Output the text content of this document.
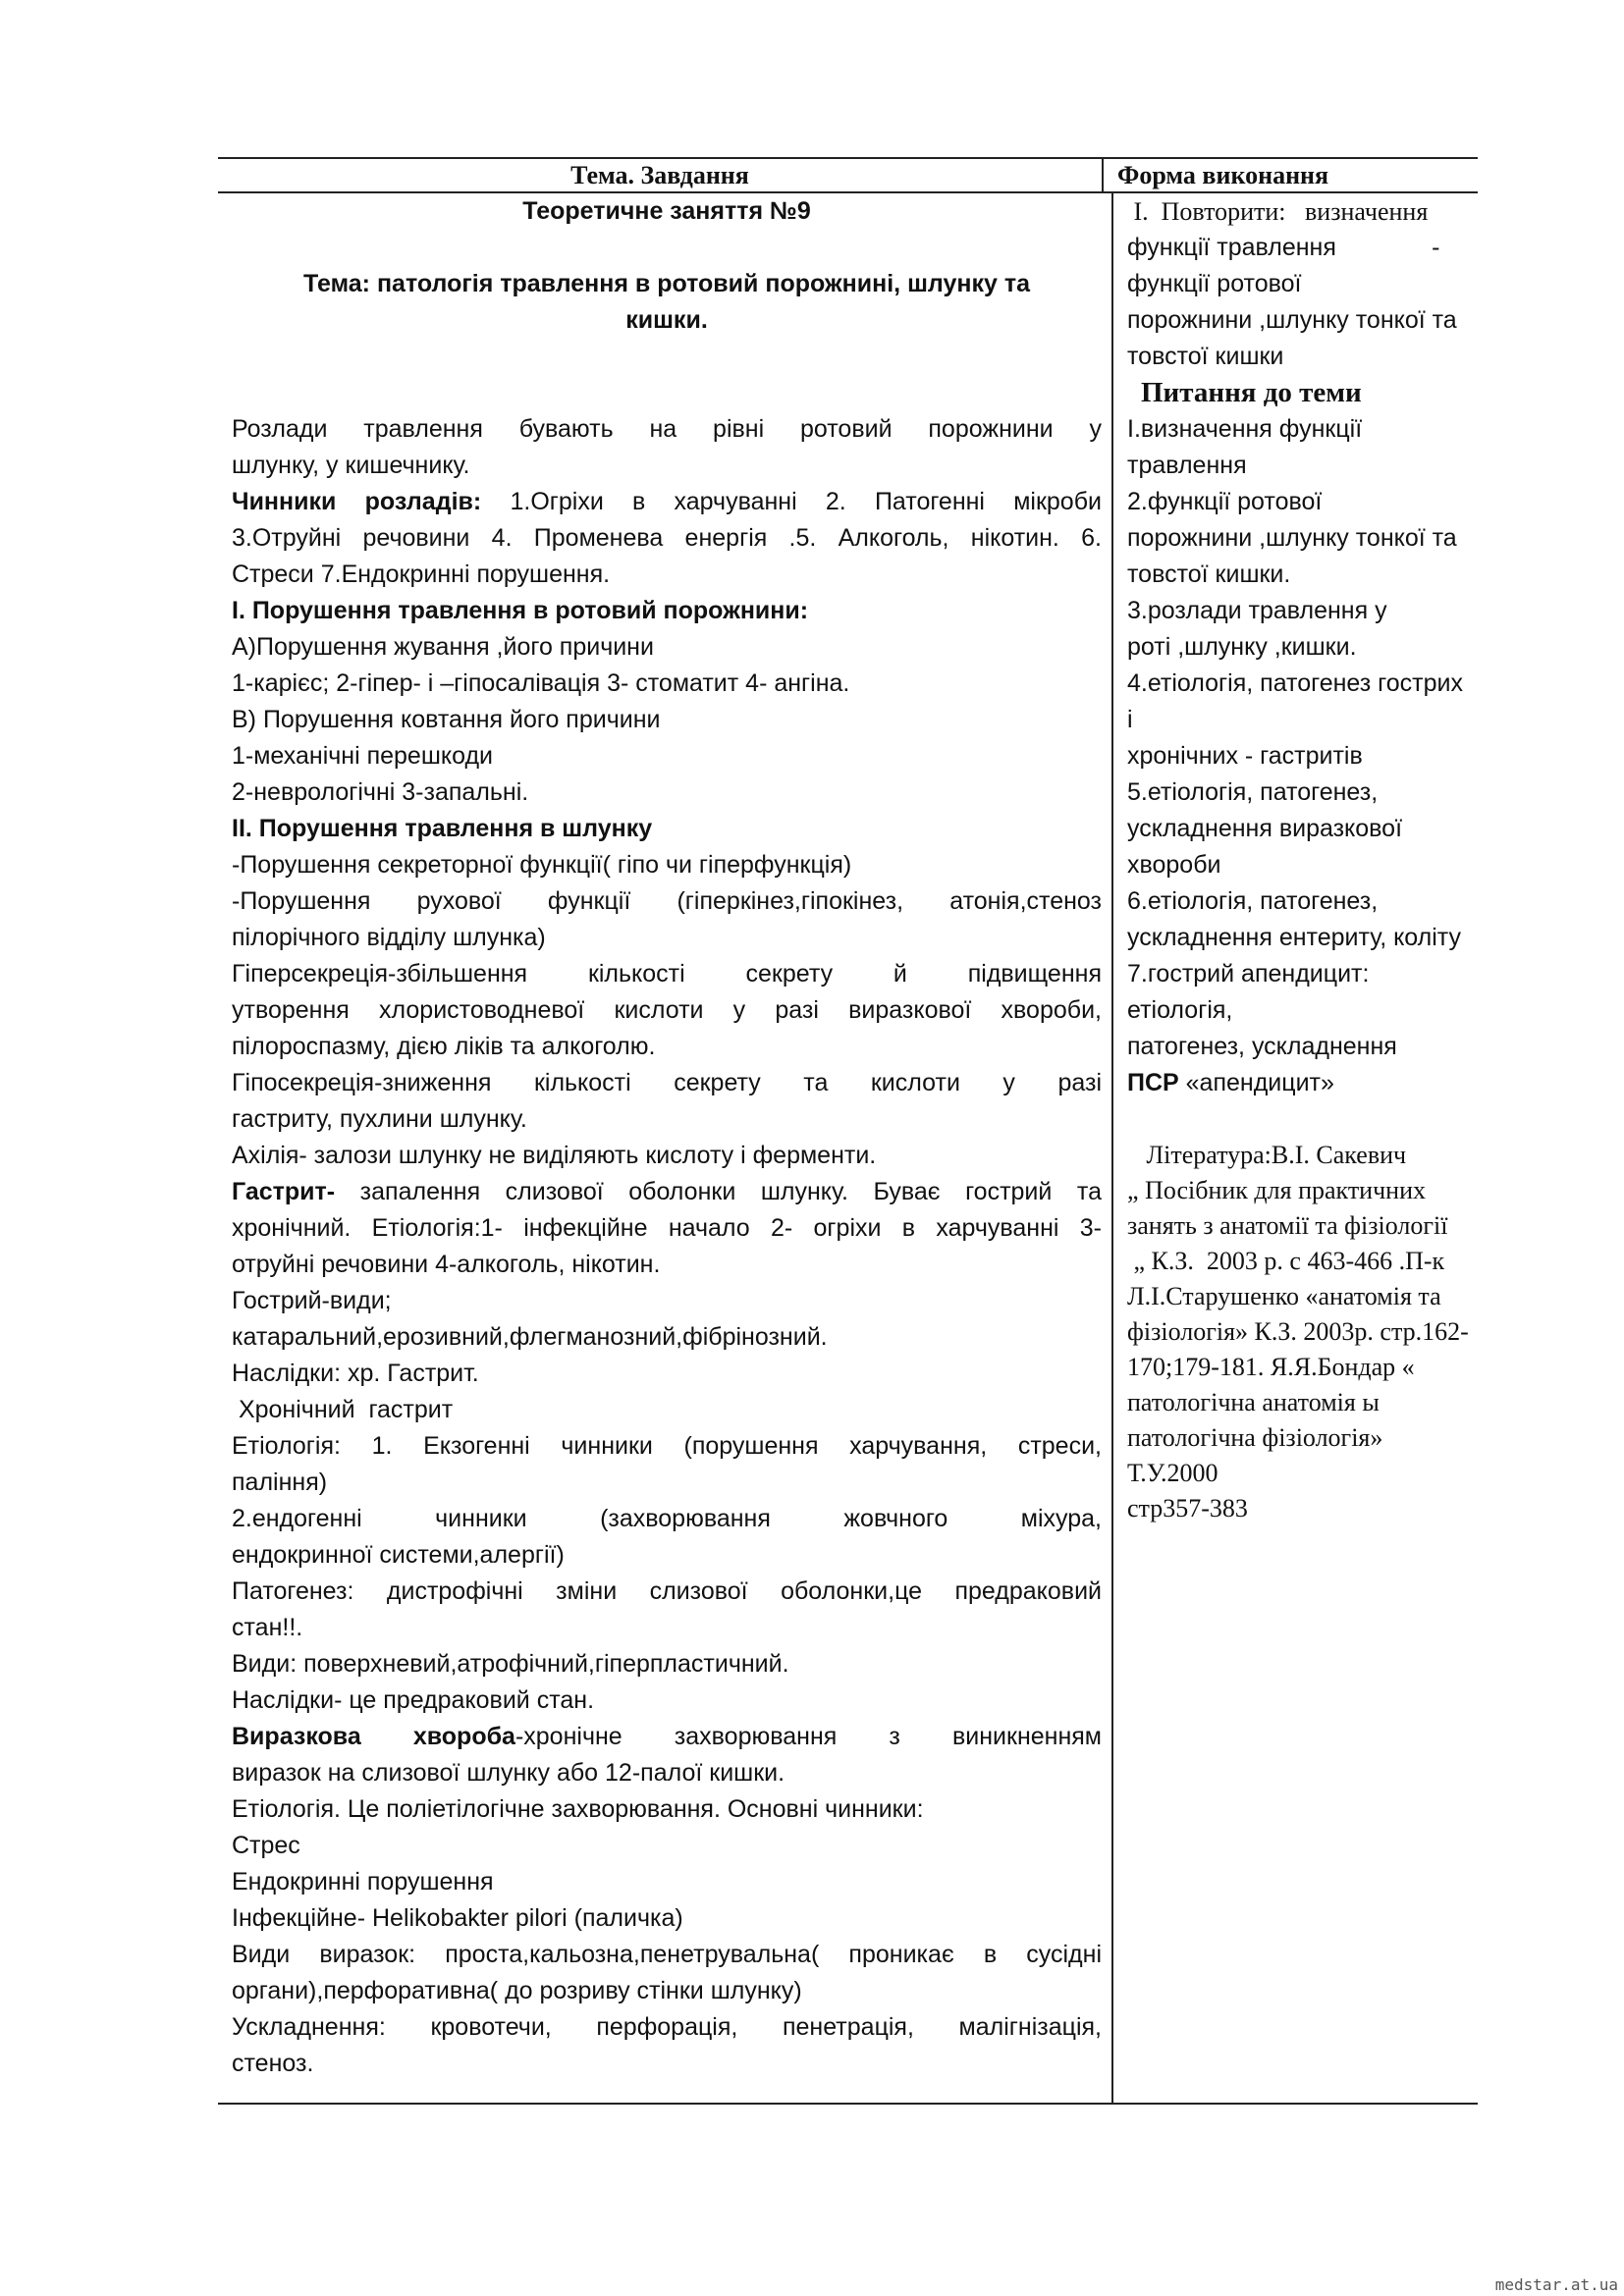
Тема. Завдання	Форма виконання

Теоретичне заняття №9

Тема: патологія травлення в ротовий порожнині, шлунку та

кишки.

Розлади травлення бувають на рівні ротовий порожнини у

шлунку, у кишечнику.

Чинники розладів: 1.Огріхи в харчуванні 2. Патогенні мікроби

3.Отруйні речовини 4. Променева енергія .5. Алкоголь, нікотин. 6.

Стреси 7.Ендокринні порушення.

I. Порушення травлення в ротовий порожнини:

А)Порушення жування ,його причини

1-карієс; 2-гіпер- і –гіпосалівація 3- стоматит 4- ангіна.

В) Порушення ковтання його причини

1-механічні перешкоди

2-неврологічні 3-запальні.

II. Порушення травлення в шлунку

-Порушення секреторної функції( гіпо чи гіперфункція)

-Порушення рухової функції (гіперкінез,гіпокінез, атонія,стеноз

пілорічного відділу шлунка)

Гіперсекреція-збільшення кількості секрету й підвищення

утворення хлористоводневої кислоти у разі виразкової хвороби,

пілороспазму, дією ліків та алкоголю.

Гіпосекреція-зниження кількості секрету та кислоти у разі

гастриту, пухлини шлунку.

Ахілія- залози шлунку не виділяють кислоту і ферменти.

Гастрит- запалення слизової оболонки шлунку. Буває гострий та

хронічний. Етіологія:1- інфекційне начало 2- огріхи в харчуванні 3-

отруйні речовини 4-алкоголь, нікотин.

Гострий-види;

катаральний,ерозивний,флегманозний,фібрінозний.

Наслідки: хр. Гастрит.

Хронічний  гастрит

Етіологія: 1. Екзогенні чинники (порушення харчування, стреси,

паління)

2.ендогенні чинники (захворювання жовчного міхура,

ендокринної системи,алергії)

Патогенез: дистрофічні зміни слизової оболонки,це предраковий

стан!!.

Види: поверхневий,атрофічний,гіперпластичний.

Наслідки- це предраковий стан.

Виразкова хвороба-хронічне захворювання з виникненням

виразок на слизової шлунку або 12-палої кишки.

Етіологія. Це поліетілогічне захворювання. Основні чинники:

Стрес

Ендокринні порушення

Інфекційне- Helikobakter pilori (паличка)

Види виразок: проста,кальозна,пенетрувальна( проникає в сусідні

органи),перфоративна( до розриву стінки шлунку)

Ускладнення: кровотечи, перфорація, пенетрація, малігнізація,

стеноз.

I.  Повторити:   визначення

функції травлення              -

функції ротової

порожнини ,шлунку тонкої та

товстої кишки

Питання до теми

I.визначення функції травлення

2.функції ротової

порожнини ,шлунку тонкої та

товстої кишки.

3.розлади травлення у

роті ,шлунку ,кишки.

4.етіологія, патогенез гострих і

хронічних - гастритів

5.етіологія, патогенез,

ускладнення виразкової хвороби

6.етіологія, патогенез,

ускладнення ентериту, коліту

7.гострий апендицит: етіологія,

патогенез, ускладнення

ПСР «апендицит»

Література:В.І. Сакевич

„ Посібник для практичних

занять з анатомії та фізіології

„ К.З.  2003 р. с 463-466 .П-к

Л.І.Старушенко «анатомія та

фізіологія» К.З. 2003р. стр.162-

170;179-181. Я.Я.Бондар «

патологічна анатомія ы

патологічна фізіологія» Т.У.2000

стр357-383

medstar.at.ua
